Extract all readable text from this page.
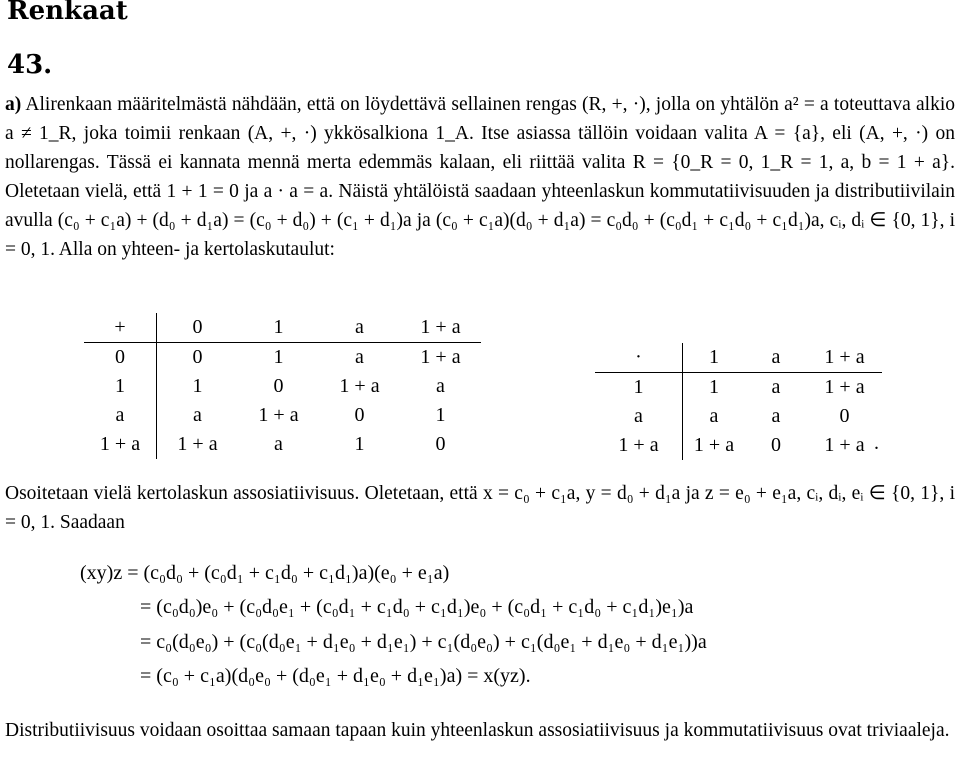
Renkaat
43.
a) Alirenkaan määritelmästä nähdään, että on löydettävä sellainen rengas (R, +, ·), jolla on yhtälön a² = a toteuttava alkio a ≠ 1_R, joka toimii renkaan (A, +, ·) ykkösalkiona 1_A. Itse asiassa tällöin voidaan valita A = {a}, eli (A, +, ·) on nollarengas. Tässä ei kannata mennä merta edemmäs kalaan, eli riittää valita R = {0_R = 0, 1_R = 1, a, b = 1 + a}. Oletetaan vielä, että 1 + 1 = 0 ja a · a = a. Näistä yhtälöistä saadaan yhteenlaskun kommutatiivisuuden ja distributiivilain avulla (c₀ + c₁a) + (d₀ + d₁a) = (c₀ + d₀) + (c₁ + d₁)a ja (c₀ + c₁a)(d₀ + d₁a) = c₀d₀ + (c₀d₁ + c₁d₀ + c₁d₁)a, cᵢ, dᵢ ∈ {0, 1}, i = 0, 1. Alla on yhteen- ja kertolaskutaulut:
+	0	1	a	1 + a
0	0	1	a	1 + a
1	1	0	1 + a	a
a	a	1 + a	0	1
1 + a	1 + a	a	1	0
·	1	a	1 + a
1	1	a	1 + a
a	a	a	0
1 + a	1 + a	0	1 + a .
Osoitetaan vielä kertolaskun assosiatiivisuus. Oletetaan, että x = c₀ + c₁a, y = d₀ + d₁a ja z = e₀ + e₁a, cᵢ, dᵢ, eᵢ ∈ {0, 1}, i = 0, 1. Saadaan
(xy)z = (c₀d₀ + (c₀d₁ + c₁d₀ + c₁d₁)a)(e₀ + e₁a)
= (c₀d₀)e₀ + (c₀d₀e₁ + (c₀d₁ + c₁d₀ + c₁d₁)e₀ + (c₀d₁ + c₁d₀ + c₁d₁)e₁)a
= c₀(d₀e₀) + (c₀(d₀e₁ + d₁e₀ + d₁e₁) + c₁(d₀e₀) + c₁(d₀e₁ + d₁e₀ + d₁e₁))a
= (c₀ + c₁a)(d₀e₀ + (d₀e₁ + d₁e₀ + d₁e₁)a) = x(yz).
Distributiivisuus voidaan osoittaa samaan tapaan kuin yhteenlaskun assosiatiivisuus ja kommutatiivisuus ovat triviaaleja.
